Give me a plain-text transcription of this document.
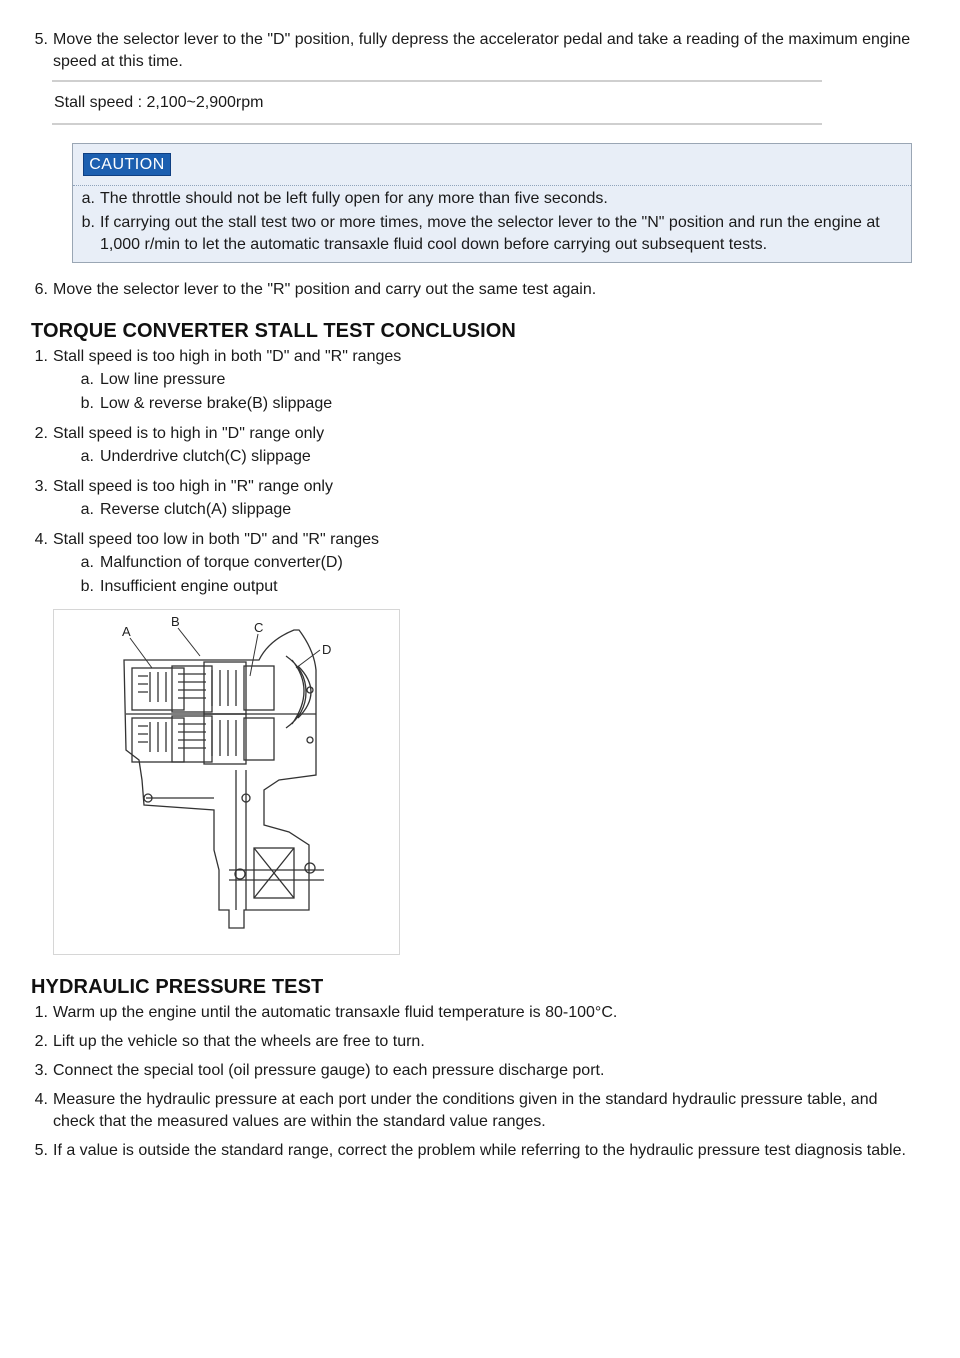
5. Move the selector lever to the "D" position, fully depress the accelerator pedal and take a reading of the maximum engine speed at this time.
Stall speed : 2,100~2,900rpm
CAUTION
a. The throttle should not be left fully open for any more than five seconds.
b. If carrying out the stall test two or more times, move the selector lever to the "N" position and run the engine at 1,000 r/min to let the automatic transaxle fluid cool down before carrying out subsequent tests.
6. Move the selector lever to the "R" position and carry out the same test again.
TORQUE CONVERTER STALL TEST CONCLUSION
1. Stall speed is too high in both "D" and "R" ranges
a. Low line pressure
b. Low & reverse brake(B) slippage
2. Stall speed is to high in "D" range only
a. Underdrive clutch(C) slippage
3. Stall speed is too high in "R" range only
a. Reverse clutch(A) slippage
4. Stall speed too low in both "D" and "R" ranges
a. Malfunction of torque converter(D)
b. Insufficient engine output
A
B	C
D
HYDRAULIC PRESSURE TEST
1. Warm up the engine until the automatic transaxle fluid temperature is 80-100°C.
2. Lift up the vehicle so that the wheels are free to turn.
3. Connect the special tool (oil pressure gauge) to each pressure discharge port.
4. Measure the hydraulic pressure at each port under the conditions given in the standard hydraulic pressure table, and check that the measured values are within the standard value ranges.
5. If a value is outside the standard range, correct the problem while referring to the hydraulic pressure test diagnosis table.
